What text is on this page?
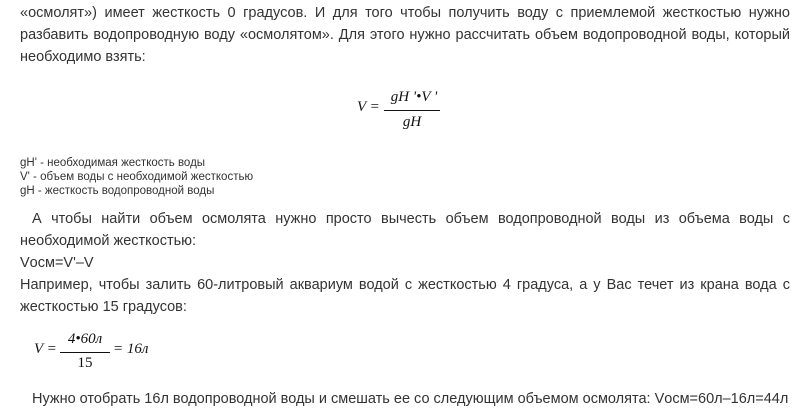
«осмолят») имеет жесткость 0 градусов. И для того чтобы получить воду с приемлемой жесткостью нужно
разбавить водопроводную воду «осмолятом». Для этого нужно рассчитать объем водопроводной воды, который
необходимо взять:
V =
gH '•V '
gH
gH' - необходимая жесткость воды
V' - объем воды с необходимой жесткостью
gH - жесткость водопроводной воды
А чтобы найти объем осмолята нужно просто вычесть объем водопроводной воды из объема воды с
необходимой жесткостью:
Vосм=V'–V
Например, чтобы залить 60-литровый аквариум водой с жесткостью 4 градуса, а у Вас течет из крана вода с
жесткостью 15 градусов:
V =
4•60л
15
= 16л
Нужно отобрать 16л водопроводной воды и смешать ее со следующим объемом осмолята: Vосм=60л–16л=44л
